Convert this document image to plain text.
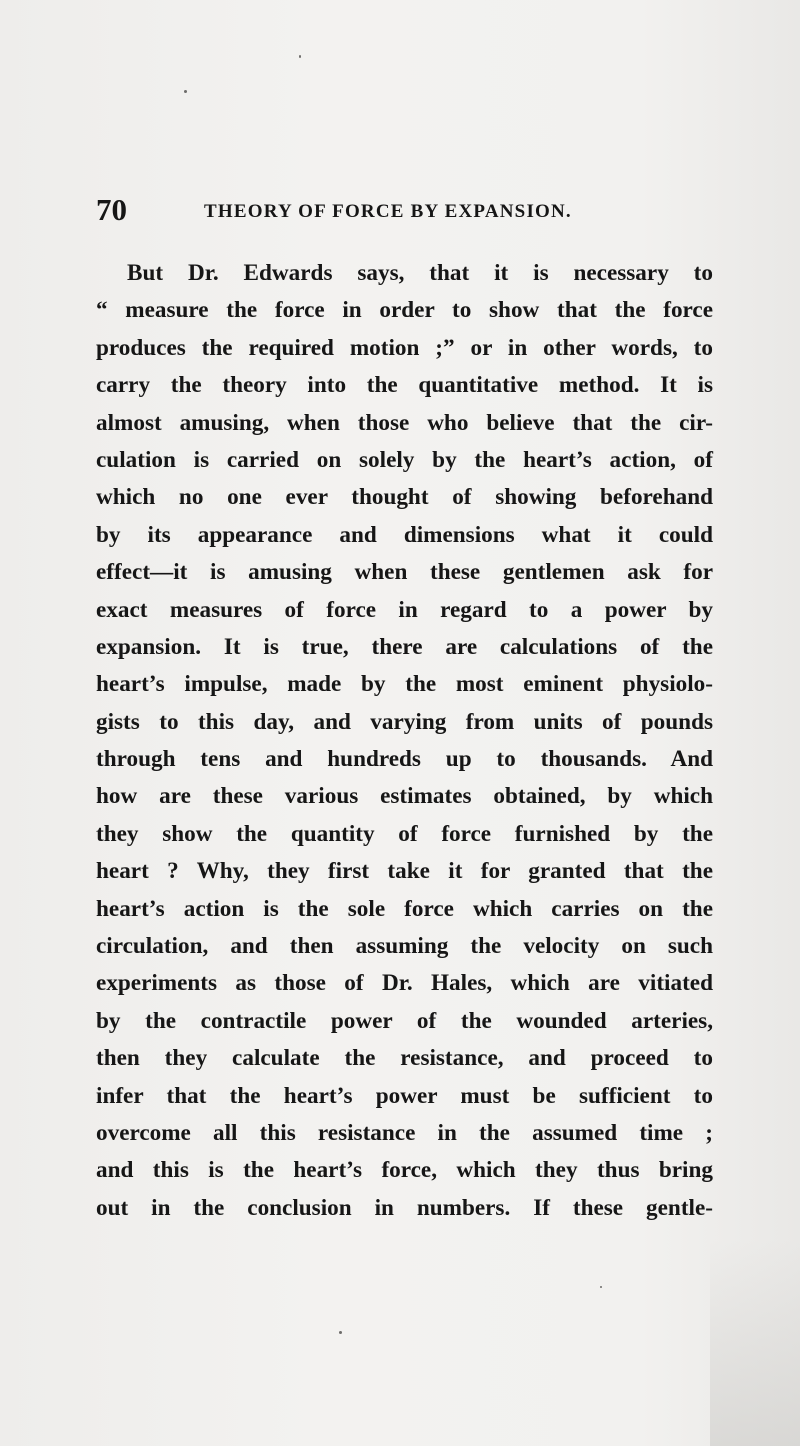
70	THEORY OF FORCE BY EXPANSION.
But Dr. Edwards says, that it is necessary to
“ measure the force in order to show that the force
produces the required motion ;” or in other words, to
carry the theory into the quantitative method. It is
almost amusing, when those who believe that the cir-
culation is carried on solely by the heart’s action, of
which no one ever thought of showing beforehand
by its appearance and dimensions what it could
effect—it is amusing when these gentlemen ask for
exact measures of force in regard to a power by
expansion. It is true, there are calculations of the
heart’s impulse, made by the most eminent physiolo-
gists to this day, and varying from units of pounds
through tens and hundreds up to thousands. And
how are these various estimates obtained, by which
they show the quantity of force furnished by the
heart ? Why, they first take it for granted that the
heart’s action is the sole force which carries on the
circulation, and then assuming the velocity on such
experiments as those of Dr. Hales, which are vitiated
by the contractile power of the wounded arteries,
then they calculate the resistance, and proceed to
infer that the heart’s power must be sufficient to
overcome all this resistance in the assumed time ;
and this is the heart’s force, which they thus bring
out in the conclusion in numbers. If these gentle-
